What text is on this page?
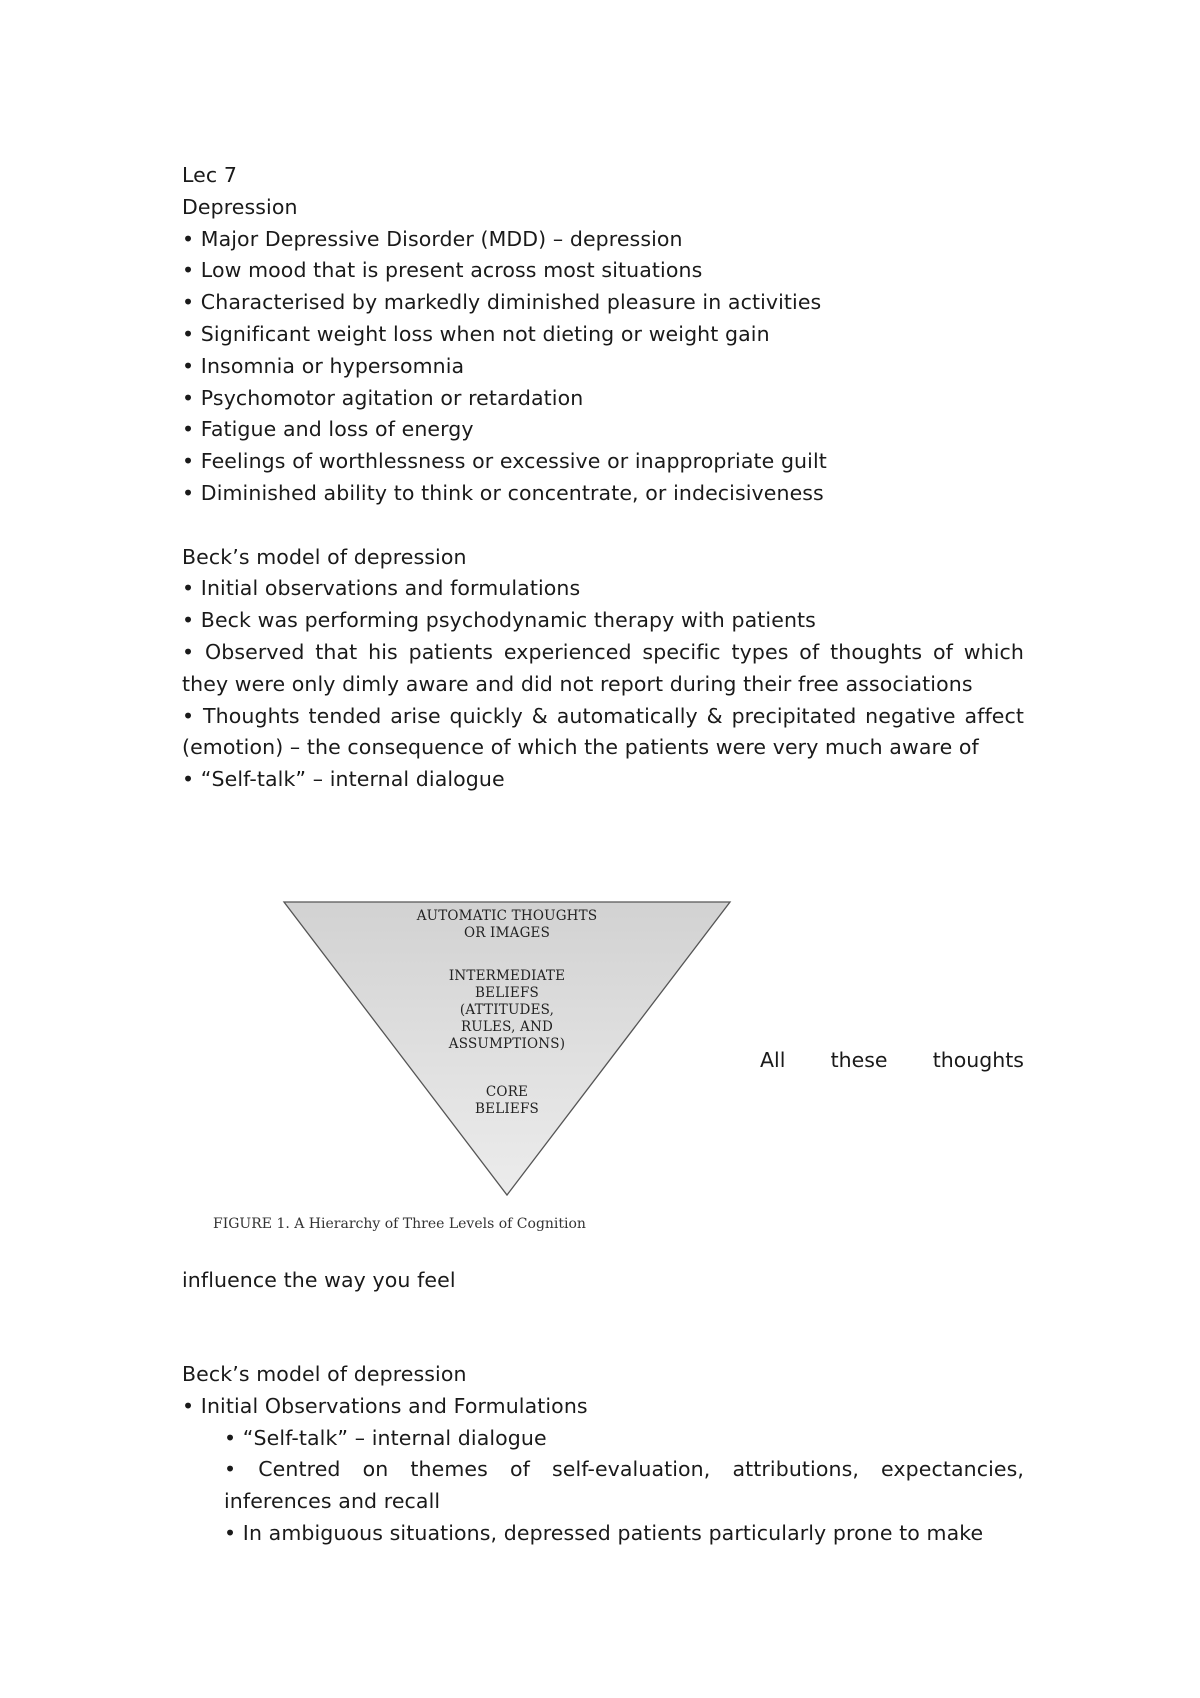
Lec 7
Depression
• Major Depressive Disorder (MDD) – depression
• Low mood that is present across most situations
• Characterised by markedly diminished pleasure in activities
• Significant weight loss when not dieting or weight gain
• Insomnia or hypersomnia
• Psychomotor agitation or retardation
• Fatigue and loss of energy
• Feelings of worthlessness or excessive or inappropriate guilt
• Diminished ability to think or concentrate, or indecisiveness
Beck’s model of depression
• Initial observations and formulations
• Beck was performing psychodynamic therapy with patients
• Observed that his patients experienced specific types of thoughts of which they were only dimly aware and did not report during their free associations
• Thoughts tended arise quickly & automatically & precipitated negative affect (emotion) – the consequence of which the patients were very much aware of
• “Self-talk” – internal dialogue
AUTOMATIC THOUGHTS
OR IMAGES
INTERMEDIATE
BELIEFS
(ATTITUDES,
RULES, AND
ASSUMPTIONS)
CORE
BELIEFS
FIGURE 1. A Hierarchy of Three Levels of Cognition
All these thoughts
influence the way you feel
Beck’s model of depression
• Initial Observations and Formulations
• “Self-talk” – internal dialogue
• Centred on themes of self-evaluation, attributions, expectancies, inferences and recall
• In ambiguous situations, depressed patients particularly prone to make
